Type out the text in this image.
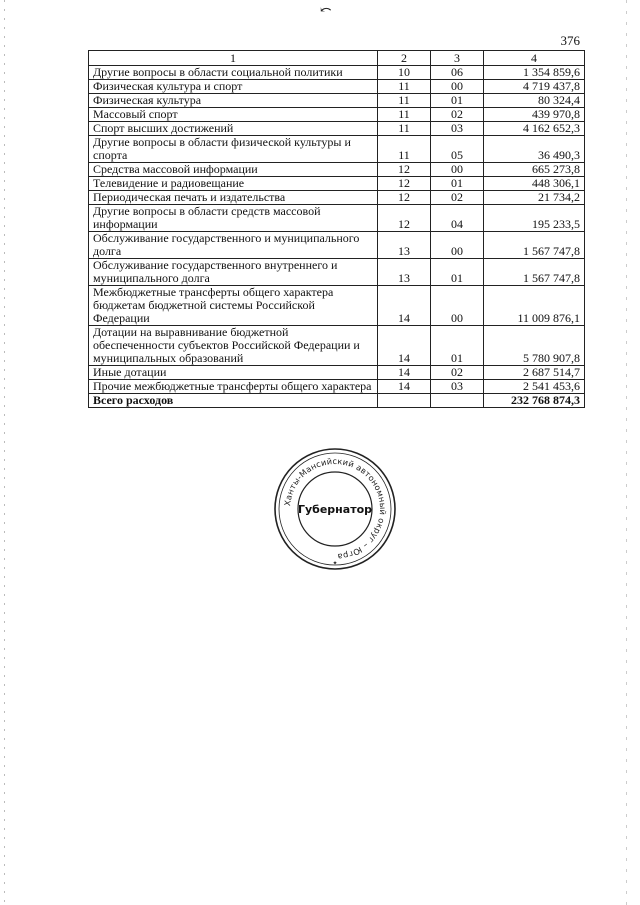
⤺
376
1	2	3	4
Другие вопросы в области социальной политики	10	06	1 354 859,6
Физическая культура и спорт	11	00	4 719 437,8
Физическая культура	11	01	80 324,4
Массовый спорт	11	02	439 970,8
Спорт высших достижений	11	03	4 162 652,3
Другие вопросы в области физической культуры и спорта	11	05	36 490,3
Средства массовой информации	12	00	665 273,8
Телевидение и радиовещание	12	01	448 306,1
Периодическая печать и издательства	12	02	21 734,2
Другие вопросы в области средств массовой информации	12	04	195 233,5
Обслуживание государственного и муниципального долга	13	00	1 567 747,8
Обслуживание государственного внутреннего и муниципального долга	13	01	1 567 747,8
Межбюджетные трансферты общего характера бюджетам бюджетной системы Российской Федерации	14	00	11 009 876,1
Дотации на выравнивание бюджетной обеспеченности субъектов Российской Федерации и муниципальных образований	14	01	5 780 907,8
Иные дотации	14	02	2 687 514,7
Прочие межбюджетные трансферты общего характера	14	03	2 541 453,6
Всего расходов			232 768 874,3
Ханты-Мансийский автономный округ – Югра
Губернатор
✦
